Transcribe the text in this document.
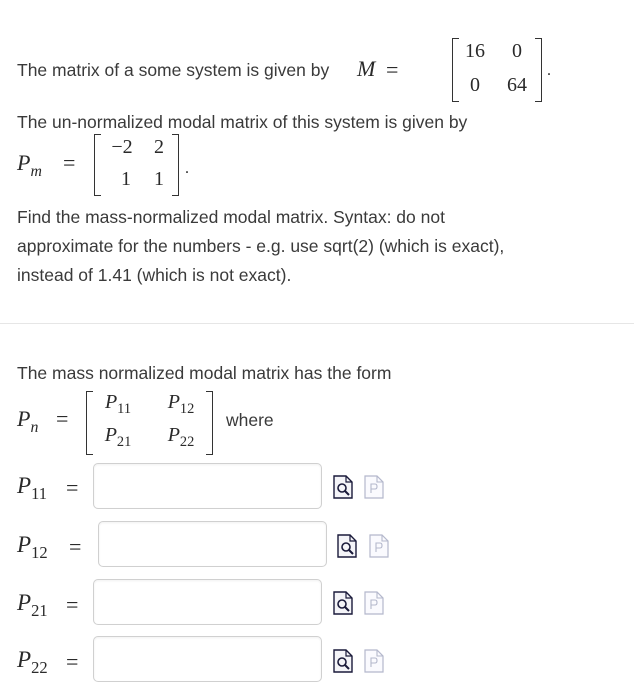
The matrix of a some system is given by M =
16	0
0	64
.
The un-normalized modal matrix of this system is given by
$P_m$ =
−2	2
1	1	.
Find the mass-normalized modal matrix. Syntax: do not
approximate for the numbers - e.g. use sqrt(2) (which is exact),
instead of 1.41 (which is not exact).
The mass normalized modal matrix has the form
$P_n$ =
$P_{11}$	$P_{12}$
$P_{21}$	$P_{22}$
where
$P_{11}$ =
$P_{12}$ =
$P_{21}$ =
$P_{22}$ =
